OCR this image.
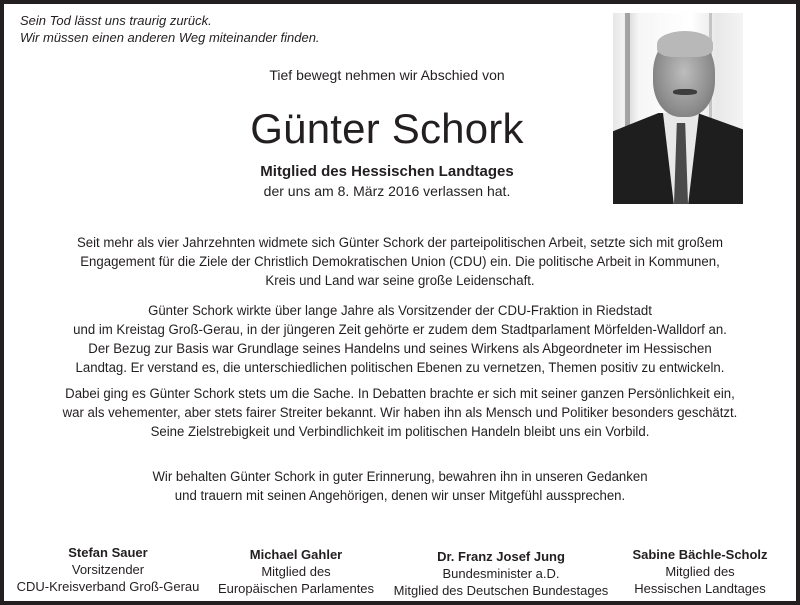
Sein Tod lässt uns traurig zurück.
Wir müssen einen anderen Weg miteinander finden.
Tief bewegt nehmen wir Abschied von
Günter Schork
Mitglied des Hessischen Landtages
der uns am 8. März 2016 verlassen hat.
Seit mehr als vier Jahrzehnten widmete sich Günter Schork der parteipolitischen Arbeit, setzte sich mit großem
Engagement für die Ziele der Christlich Demokratischen Union (CDU) ein. Die politische Arbeit in Kommunen,
Kreis und Land war seine große Leidenschaft.
Günter Schork wirkte über lange Jahre als Vorsitzender der CDU-Fraktion in Riedstadt
und im Kreistag Groß-Gerau, in der jüngeren Zeit gehörte er zudem dem Stadtparlament Mörfelden-Walldorf an.
Der Bezug zur Basis war Grundlage seines Handelns und seines Wirkens als Abgeordneter im Hessischen
Landtag. Er verstand es, die unterschiedlichen politischen Ebenen zu vernetzen, Themen positiv zu entwickeln.
Dabei ging es Günter Schork stets um die Sache. In Debatten brachte er sich mit seiner ganzen Persönlichkeit ein,
war als vehementer, aber stets fairer Streiter bekannt. Wir haben ihn als Mensch und Politiker besonders geschätzt.
Seine Zielstrebigkeit und Verbindlichkeit im politischen Handeln bleibt uns ein Vorbild.
Wir behalten Günter Schork in guter Erinnerung, bewahren ihn in unseren Gedanken
und trauern mit seinen Angehörigen, denen wir unser Mitgefühl aussprechen.
Stefan Sauer
Vorsitzender
CDU-Kreisverband Groß-Gerau
Michael Gahler
Mitglied des
Europäischen Parlamentes
Dr. Franz Josef Jung
Bundesminister a.D.
Mitglied des Deutschen Bundestages
Sabine Bächle-Scholz
Mitglied des
Hessischen Landtages
